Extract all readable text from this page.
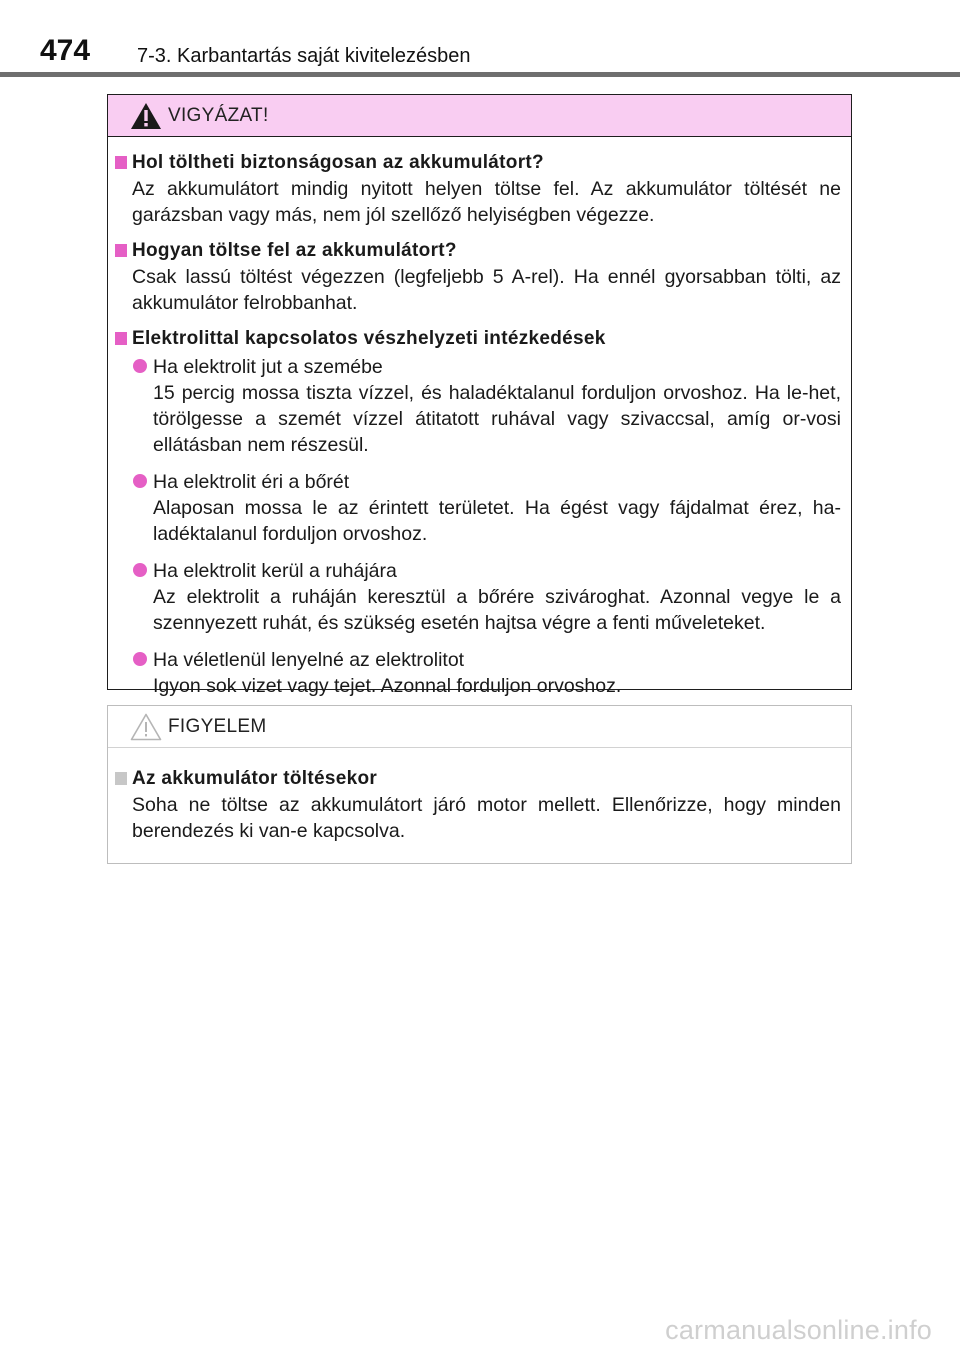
474 7-3. Karbantartás saját kivitelezésben
VIGYÁZAT!
Hol töltheti biztonságosan az akkumulátort?
Az akkumulátort mindig nyitott helyen töltse fel. Az akkumulátor töltését ne garázsban vagy más, nem jól szellőző helyiségben végezze.
Hogyan töltse fel az akkumulátort?
Csak lassú töltést végezzen (legfeljebb 5 A-rel). Ha ennél gyorsabban tölti, az akkumulátor felrobbanhat.
Elektrolittal kapcsolatos vészhelyzeti intézkedések
Ha elektrolit jut a szemébe
15 percig mossa tiszta vízzel, és haladéktalanul forduljon orvoshoz. Ha le-het, törölgesse a szemét vízzel átitatott ruhával vagy szivaccsal, amíg or-vosi ellátásban nem részesül.
Ha elektrolit éri a bőrét
Alaposan mossa le az érintett területet. Ha égést vagy fájdalmat érez, ha-ladéktalanul forduljon orvoshoz.
Ha elektrolit kerül a ruhájára
Az elektrolit a ruháján keresztül a bőrére szivároghat. Azonnal vegye le a szennyezett ruhát, és szükség esetén hajtsa végre a fenti műveleteket.
Ha véletlenül lenyelné az elektrolitot
Igyon sok vizet vagy tejet. Azonnal forduljon orvoshoz.
FIGYELEM
Az akkumulátor töltésekor
Soha ne töltse az akkumulátort járó motor mellett. Ellenőrizze, hogy minden berendezés ki van-e kapcsolva.
carmanualsonline.info
